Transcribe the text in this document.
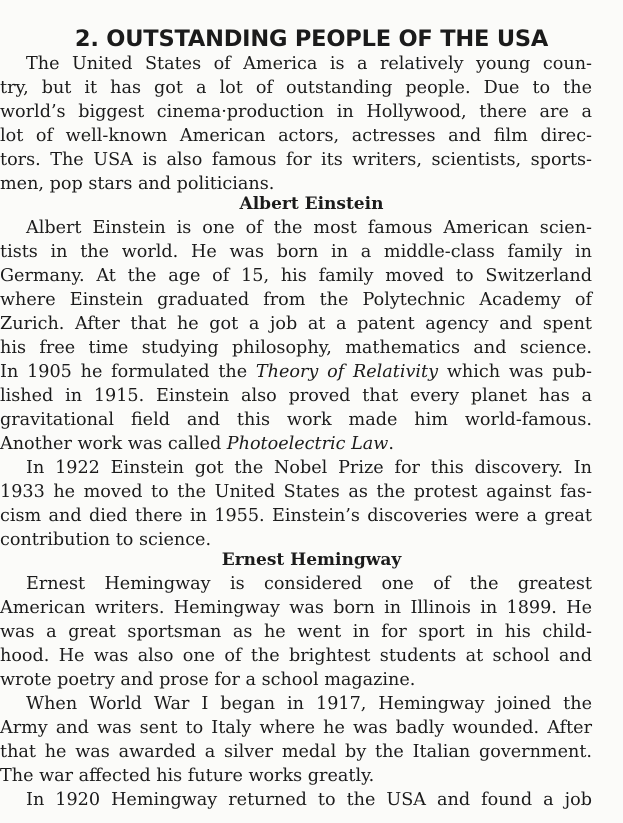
2. OUTSTANDING PEOPLE OF THE USA
The United States of America is a relatively young coun-
try, but it has got a lot of outstanding people. Due to the
world’s biggest cinema·production in Hollywood, there are a
lot of well-known American actors, actresses and film direc-
tors. The USA is also famous for its writers, scientists, sports-
men, pop stars and politicians.
Albert Einstein
Albert Einstein is one of the most famous American scien-
tists in the world. He was born in a middle-class family in
Germany. At the age of 15, his family moved to Switzerland
where Einstein graduated from the Polytechnic Academy of
Zurich. After that he got a job at a patent agency and spent
his free time studying philosophy, mathematics and science.
In 1905 he formulated the Theory of Relativity which was pub-
lished in 1915. Einstein also proved that every planet has a
gravitational field and this work made him world-famous.
Another work was called Photoelectric Law.
In 1922 Einstein got the Nobel Prize for this discovery. In
1933 he moved to the United States as the protest against fas-
cism and died there in 1955. Einstein’s discoveries were a great
contribution to science.
Ernest Hemingway
Ernest Hemingway is considered one of the greatest
American writers. Hemingway was born in Illinois in 1899. He
was a great sportsman as he went in for sport in his child-
hood. He was also one of the brightest students at school and
wrote poetry and prose for a school magazine.
When World War I began in 1917, Hemingway joined the
Army and was sent to Italy where he was badly wounded. After
that he was awarded a silver medal by the Italian government.
The war affected his future works greatly.
In 1920 Hemingway returned to the USA and found a job
